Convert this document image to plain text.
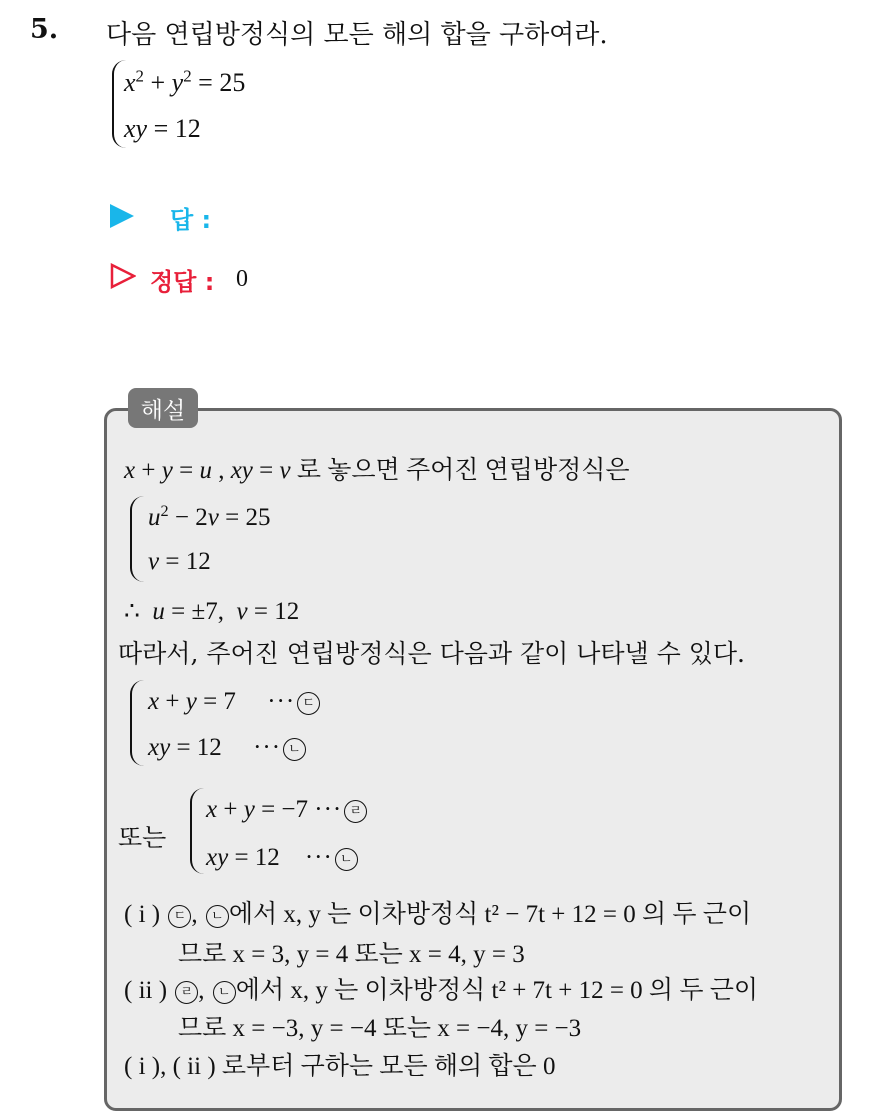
5. 다음 연립방정식의 모든 해의 합을 구하여라.
$x^2 + y^2 = 25$
xy = 12
답 :
정답 : 0
해설
x + y = u , xy = v 로 놓으면 주어진 연립방정식은
$u^2 - 2v = 25$
v = 12
∴  u = ±7,  v = 12
따라서, 주어진 연립방정식은 다음과 같이 나타낼 수 있다.
x + y = 7     ··· ㄷ
xy = 12     ··· ㄴ
또는
x + y = −7 ··· ㄹ
xy = 12    ··· ㄴ
( i ) ㄷ , ㄴ 에서 x, y 는 이차방정식 t² − 7t + 12 = 0 의 두 근이
므로 x = 3, y = 4 또는 x = 4, y = 3
( ii ) ㄹ , ㄴ 에서 x, y 는 이차방정식 t² + 7t + 12 = 0 의 두 근이
므로 x = −3, y = −4 또는 x = −4, y = −3
( i ), ( ii ) 로부터 구하는 모든 해의 합은 0
